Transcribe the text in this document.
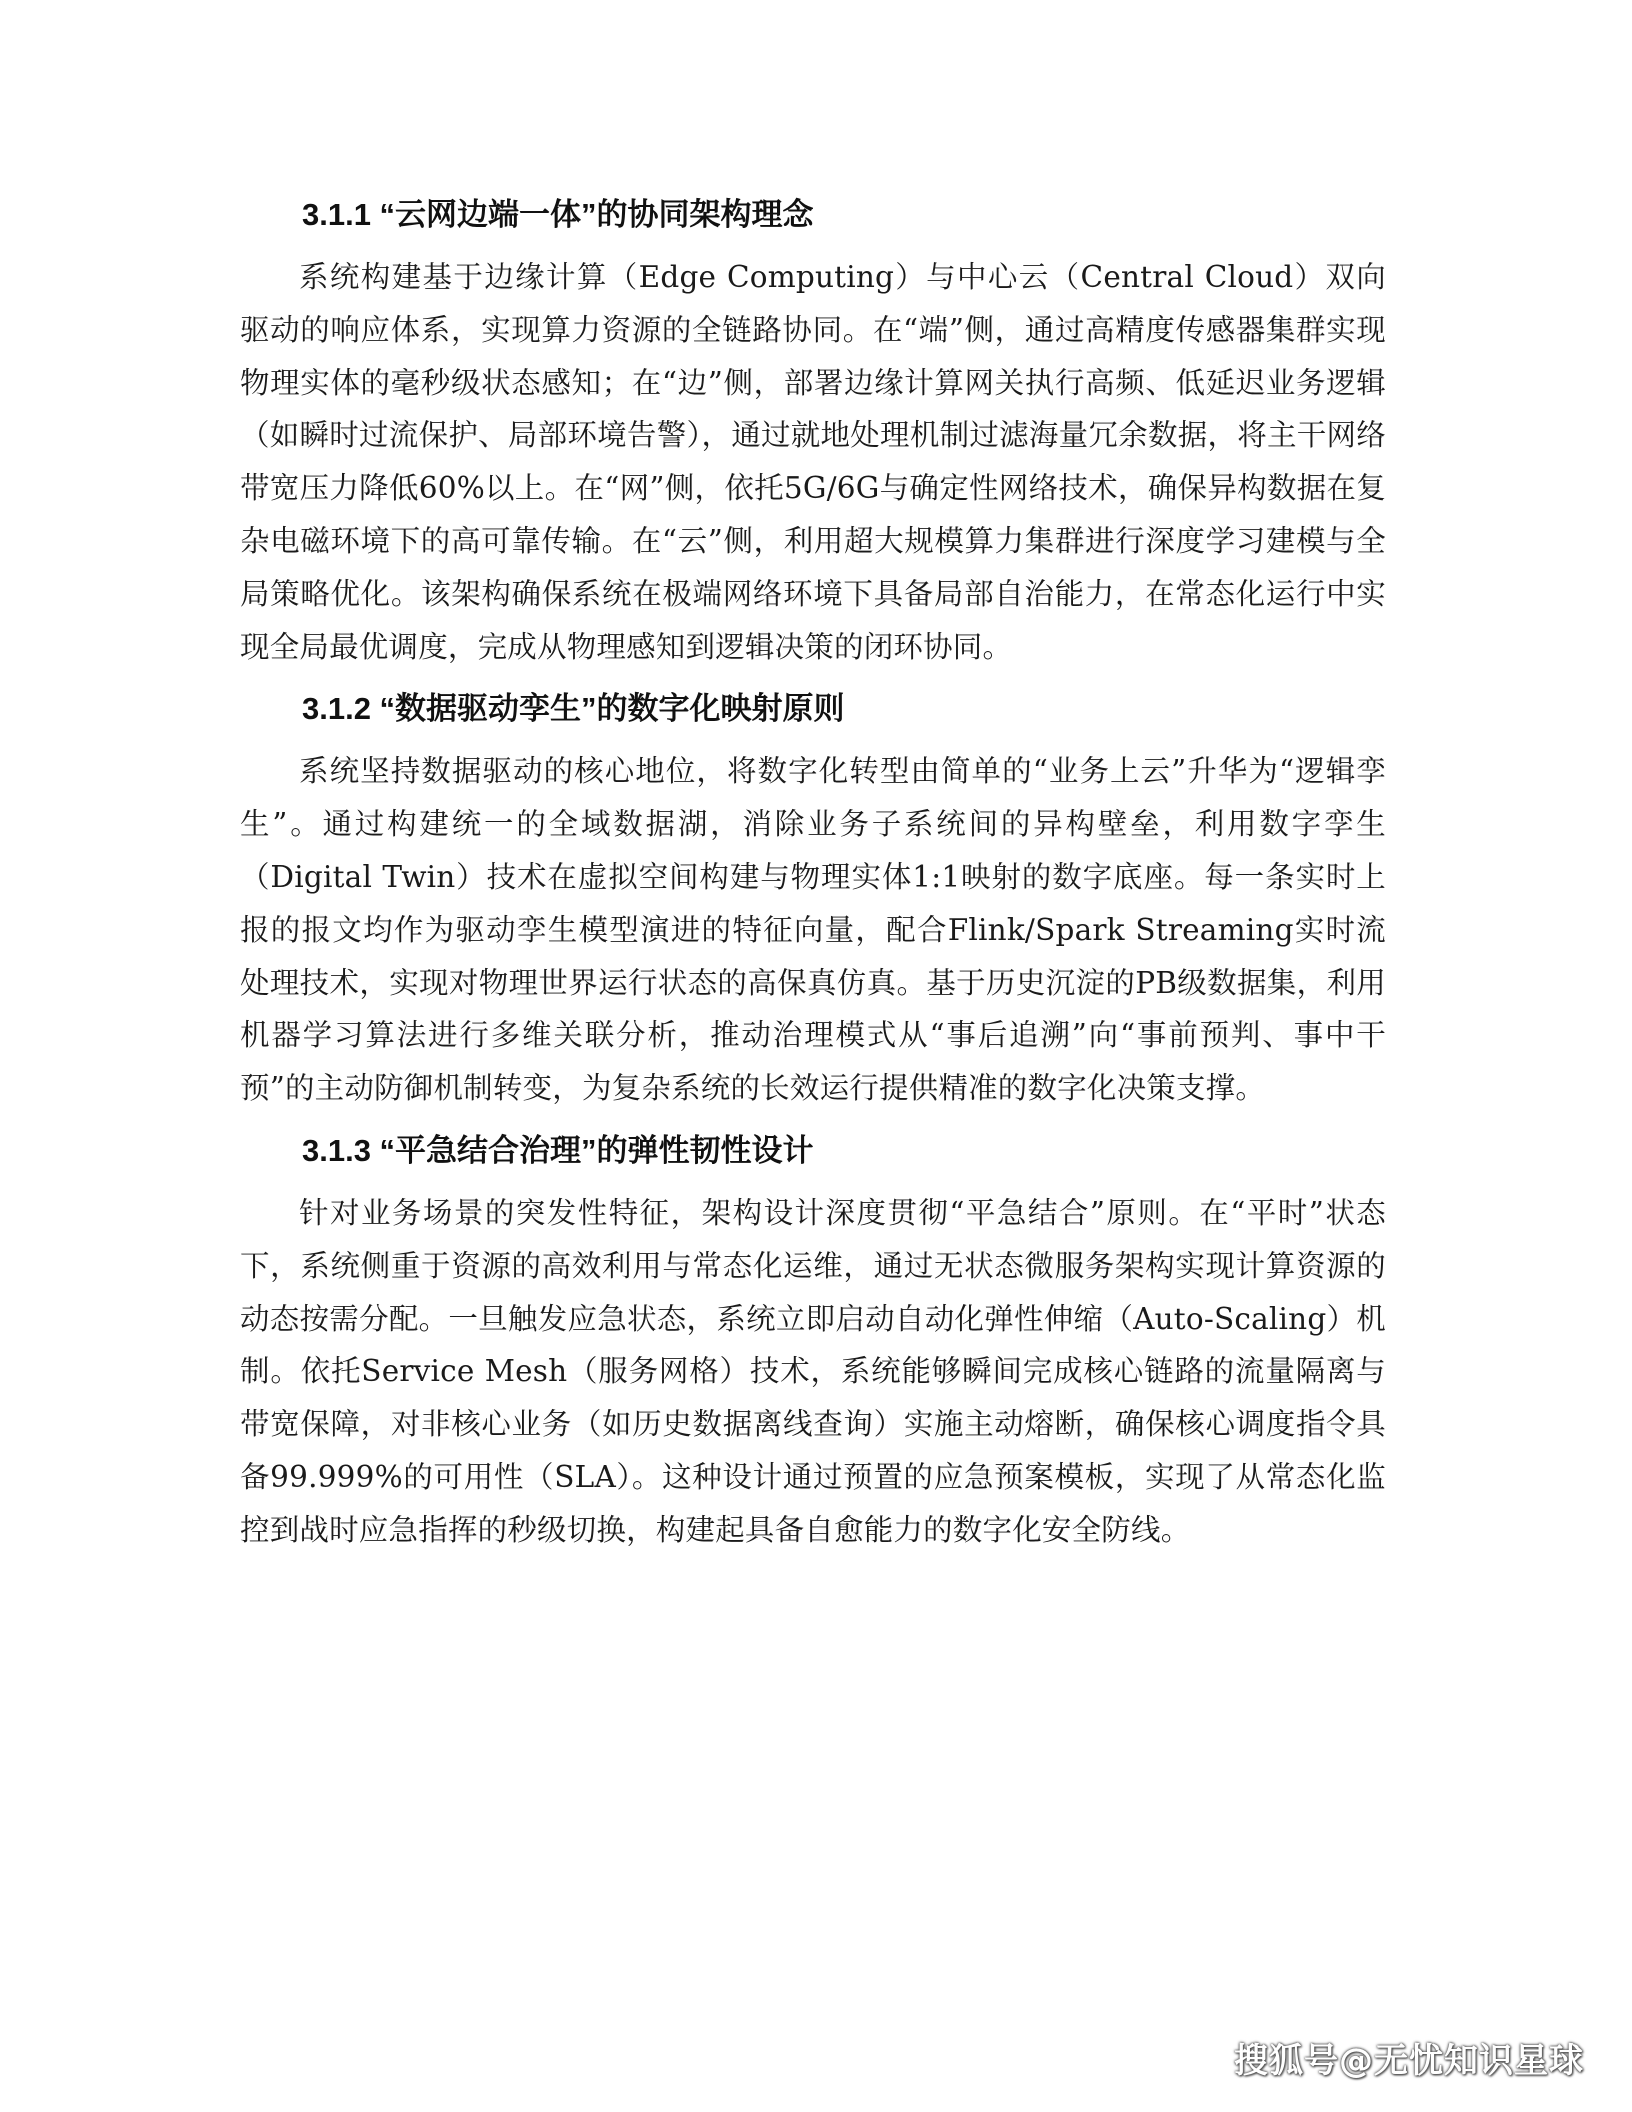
3.1.1 “云网边端一体”的协同架构理念

系统构建基于边缘计算（Edge Computing）与中心云（Central Cloud）双向驱动的响应体系，实现算力资源的全链路协同。在“端”侧，通过高精度传感器集群实现物理实体的毫秒级状态感知；在“边”侧，部署边缘计算网关执行高频、低延迟业务逻辑（如瞬时过流保护、局部环境告警），通过就地处理机制过滤海量冗余数据，将主干网络带宽压力降低60%以上。在“网”侧，依托5G/6G与确定性网络技术，确保异构数据在复杂电磁环境下的高可靠传输。在“云”侧，利用超大规模算力集群进行深度学习建模与全局策略优化。该架构确保系统在极端网络环境下具备局部自治能力，在常态化运行中实现全局最优调度，完成从物理感知到逻辑决策的闭环协同。

3.1.2 “数据驱动孪生”的数字化映射原则

系统坚持数据驱动的核心地位，将数字化转型由简单的“业务上云”升华为“逻辑孪生”。通过构建统一的全域数据湖，消除业务子系统间的异构壁垒，利用数字孪生（Digital Twin）技术在虚拟空间构建与物理实体1:1映射的数字底座。每一条实时上报的报文均作为驱动孪生模型演进的特征向量，配合Flink/Spark Streaming实时流处理技术，实现对物理世界运行状态的高保真仿真。基于历史沉淀的PB级数据集，利用机器学习算法进行多维关联分析，推动治理模式从“事后追溯”向“事前预判、事中干预”的主动防御机制转变，为复杂系统的长效运行提供精准的数字化决策支撑。

3.1.3 “平急结合治理”的弹性韧性设计

针对业务场景的突发性特征，架构设计深度贯彻“平急结合”原则。在“平时”状态下，系统侧重于资源的高效利用与常态化运维，通过无状态微服务架构实现计算资源的动态按需分配。一旦触发应急状态，系统立即启动自动化弹性伸缩（Auto-Scaling）机制。依托Service Mesh（服务网格）技术，系统能够瞬间完成核心链路的流量隔离与带宽保障，对非核心业务（如历史数据离线查询）实施主动熔断，确保核心调度指令具备99.999%的可用性（SLA）。这种设计通过预置的应急预案模板，实现了从常态化监控到战时应急指挥的秒级切换，构建起具备自愈能力的数字化安全防线。

搜狐号@无忧知识星球
